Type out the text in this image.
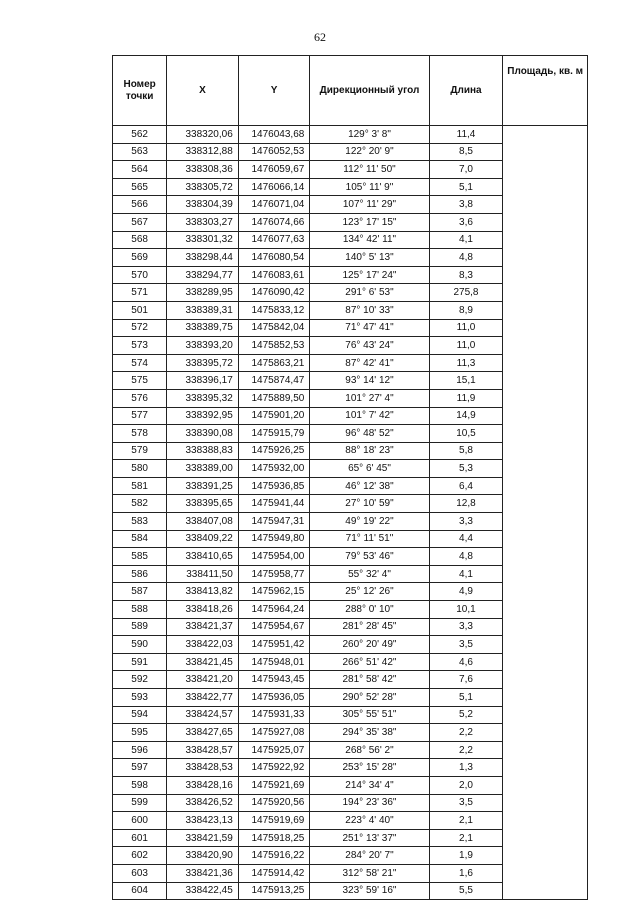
62
Номер точки	X	Y	Дирекционный угол	Длина	Площадь, кв. м
562	338320,06	1476043,68	129° 3' 8"	11,4	
563	338312,88	1476052,53	122° 20' 9"	8,5	
564	338308,36	1476059,67	112° 11' 50"	7,0	
565	338305,72	1476066,14	105° 11' 9"	5,1	
566	338304,39	1476071,04	107° 11' 29"	3,8	
567	338303,27	1476074,66	123° 17' 15"	3,6	
568	338301,32	1476077,63	134° 42' 11"	4,1	
569	338298,44	1476080,54	140° 5' 13"	4,8	
570	338294,77	1476083,61	125° 17' 24"	8,3	
571	338289,95	1476090,42	291° 6' 53"	275,8	
501	338389,31	1475833,12	87° 10' 33"	8,9	
572	338389,75	1475842,04	71° 47' 41"	11,0	
573	338393,20	1475852,53	76° 43' 24"	11,0	
574	338395,72	1475863,21	87° 42' 41"	11,3	
575	338396,17	1475874,47	93° 14' 12"	15,1	
576	338395,32	1475889,50	101° 27' 4"	11,9	
577	338392,95	1475901,20	101° 7' 42"	14,9	
578	338390,08	1475915,79	96° 48' 52"	10,5	
579	338388,83	1475926,25	88° 18' 23"	5,8	
580	338389,00	1475932,00	65° 6' 45"	5,3	
581	338391,25	1475936,85	46° 12' 38"	6,4	
582	338395,65	1475941,44	27° 10' 59"	12,8	
583	338407,08	1475947,31	49° 19' 22"	3,3	
584	338409,22	1475949,80	71° 11' 51"	4,4	
585	338410,65	1475954,00	79° 53' 46"	4,8	
586	338411,50	1475958,77	55° 32' 4"	4,1	
587	338413,82	1475962,15	25° 12' 26"	4,9	
588	338418,26	1475964,24	288° 0' 10"	10,1	
589	338421,37	1475954,67	281° 28' 45"	3,3	
590	338422,03	1475951,42	260° 20' 49"	3,5	
591	338421,45	1475948,01	266° 51' 42"	4,6	
592	338421,20	1475943,45	281° 58' 42"	7,6	
593	338422,77	1475936,05	290° 52' 28"	5,1	
594	338424,57	1475931,33	305° 55' 51"	5,2	
595	338427,65	1475927,08	294° 35' 38"	2,2	
596	338428,57	1475925,07	268° 56' 2"	2,2	
597	338428,53	1475922,92	253° 15' 28"	1,3	
598	338428,16	1475921,69	214° 34' 4"	2,0	
599	338426,52	1475920,56	194° 23' 36"	3,5	
600	338423,13	1475919,69	223° 4' 40"	2,1	
601	338421,59	1475918,25	251° 13' 37"	2,1	
602	338420,90	1475916,22	284° 20' 7"	1,9	
603	338421,36	1475914,42	312° 58' 21"	1,6	
604	338422,45	1475913,25	323° 59' 16"	5,5	
